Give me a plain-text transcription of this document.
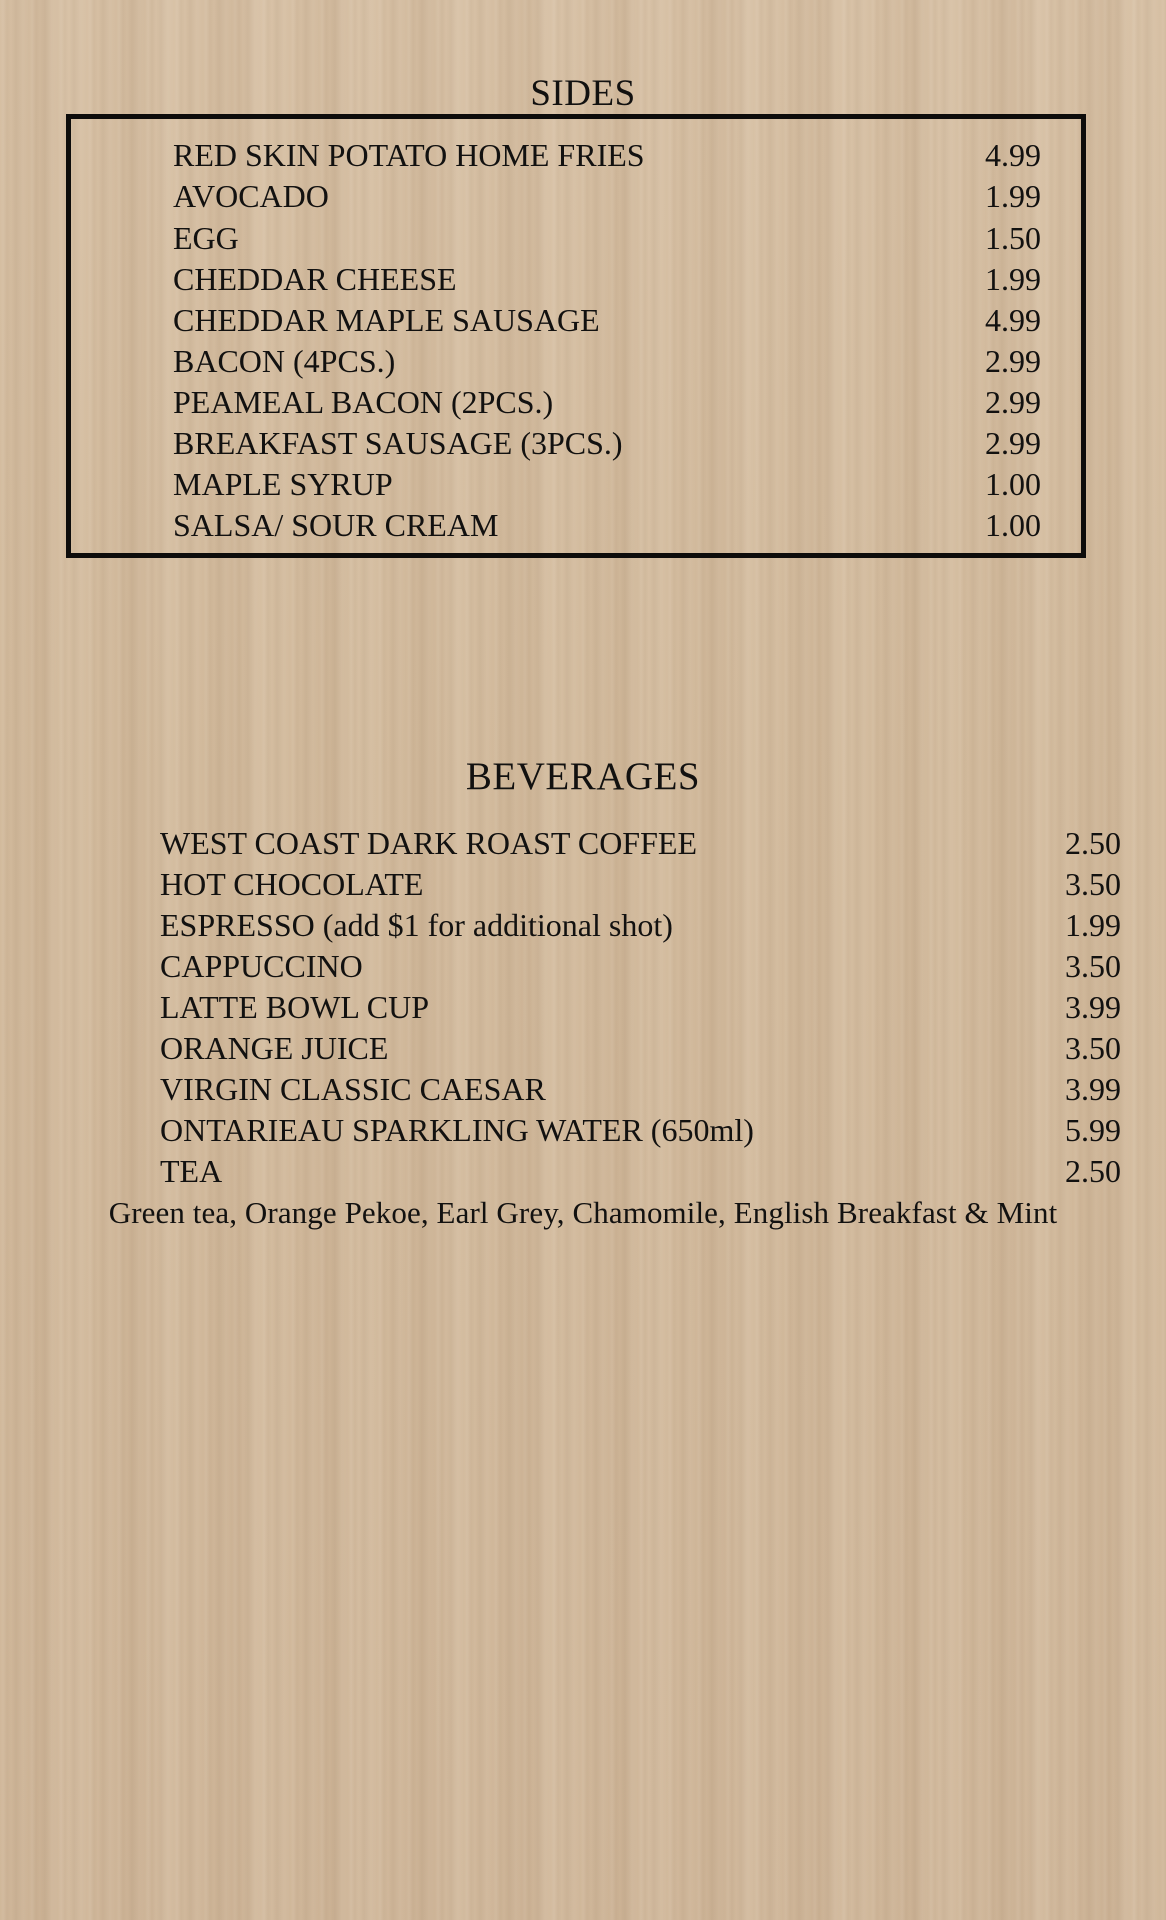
SIDES
RED SKIN POTATO HOME FRIES	4.99
AVOCADO	1.99
EGG	1.50
CHEDDAR CHEESE	1.99
CHEDDAR MAPLE SAUSAGE	4.99
BACON (4PCS.)	2.99
PEAMEAL BACON (2PCS.)	2.99
BREAKFAST SAUSAGE (3PCS.)	2.99
MAPLE SYRUP	1.00
SALSA/ SOUR CREAM	1.00
BEVERAGES
WEST COAST DARK ROAST COFFEE	2.50
HOT CHOCOLATE	3.50
ESPRESSO (add $1 for additional shot)	1.99
CAPPUCCINO	3.50
LATTE BOWL CUP	3.99
ORANGE JUICE	3.50
VIRGIN CLASSIC CAESAR	3.99
ONTARIEAU SPARKLING WATER (650ml)	5.99
TEA	2.50
Green tea, Orange Pekoe, Earl Grey, Chamomile, English Breakfast & Mint
